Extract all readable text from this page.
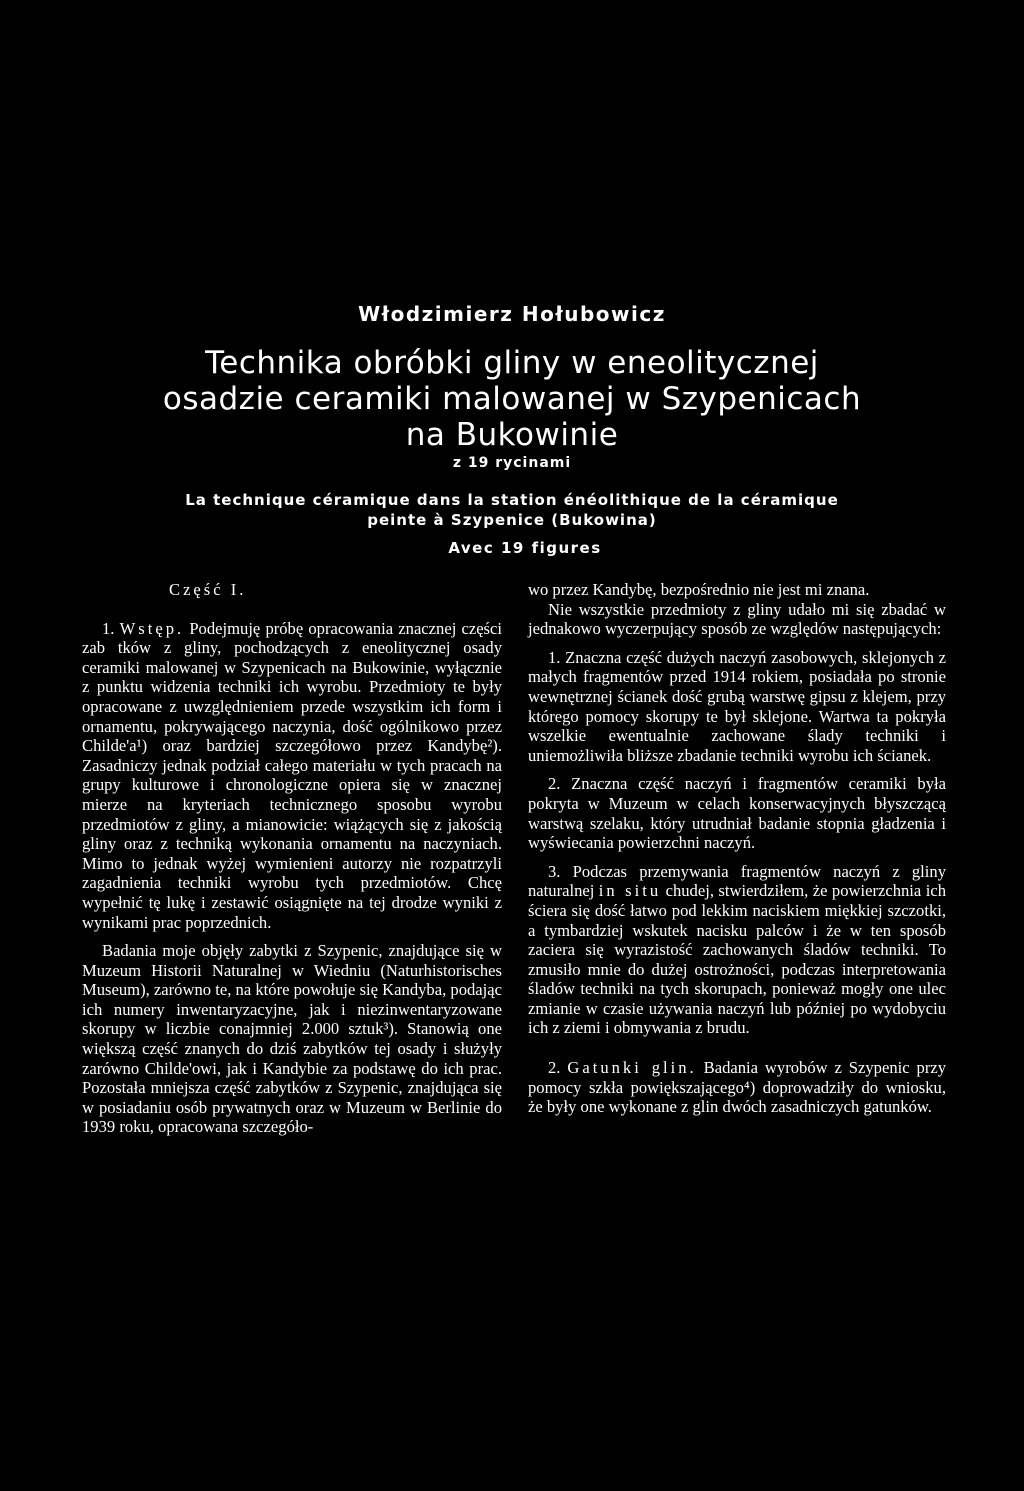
Włodzimierz Hołubowicz
Technika obróbki gliny w eneolitycznej
osadzie ceramiki malowanej w Szypenicach
na Bukowinie
z 19 rycinami
La technique céramique dans la station énéolithique de la céramique
peinte à Szypenice (Bukowina)
Avec 19 figures

Część I.

1. Wstęp. Podejmuję próbę opracowania znacznej części zab tków z gliny, pochodzących z eneolitycznej osady ceramiki malowanej w Szypenicach na Bukowinie, wyłącznie z punktu widzenia techniki ich wyrobu. Przedmioty te były opracowane z uwzględnieniem przede wszystkim ich form i ornamentu, pokrywającego naczynia, dość ogólnikowo przez Childe'a¹) oraz bardziej szczegółowo przez Kandybę²). Zasadniczy jednak podział całego materiału w tych pracach na grupy kulturowe i chronologiczne opiera się w znacznej mierze na kryteriach technicznego sposobu wyrobu przedmiotów z gliny, a mianowicie: wiążących się z jakością gliny oraz z techniką wykonania ornamentu na naczyniach. Mimo to jednak wyżej wymienieni autorzy nie rozpatrzyli zagadnienia techniki wyrobu tych przedmiotów. Chcę wypełnić tę lukę i zestawić osiągnięte na tej drodze wyniki z wynikami prac poprzednich.

Badania moje objęły zabytki z Szypenic, znajdujące się w Muzeum Historii Naturalnej w Wiedniu (Naturhistorisches Museum), zarówno te, na które powołuje się Kandyba, podając ich numery inwentaryzacyjne, jak i niezinwentaryzowane skorupy w liczbie conajmniej 2.000 sztuk³). Stanowią one większą część znanych do dziś zabytków tej osady i służyły zarówno Childe'owi, jak i Kandybie za podstawę do ich prac. Pozostała mniejsza część zabytków z Szypenic, znajdująca się w posiadaniu osób prywatnych oraz w Muzeum w Berlinie do 1939 roku, opracowana szczegóło-

wo przez Kandybę, bezpośrednio nie jest mi znana.

Nie wszystkie przedmioty z gliny udało mi się zbadać w jednakowo wyczerpujący sposób ze względów następujących:

1. Znaczna część dużych naczyń zasobowych, sklejonych z małych fragmentów przed 1914 rokiem, posiadała po stronie wewnętrznej ścianek dość grubą warstwę gipsu z klejem, przy którego pomocy skorupy te był sklejone. Wartwa ta pokryła wszelkie ewentualnie zachowane ślady techniki i uniemożliwiła bliższe zbadanie techniki wyrobu ich ścianek.

2. Znaczna część naczyń i fragmentów ceramiki była pokryta w Muzeum w celach konserwacyjnych błyszczącą warstwą szelaku, który utrudniał badanie stopnia gładzenia i wyświecania powierzchni naczyń.

3. Podczas przemywania fragmentów naczyń z gliny naturalnej in situ chudej, stwierdziłem, że powierzchnia ich ściera się dość łatwo pod lekkim naciskiem miękkiej szczotki, a tymbardziej wskutek nacisku palców i że w ten sposób zaciera się wyrazistość zachowanych śladów techniki. To zmusiło mnie do dużej ostrożności, podczas interpretowania śladów techniki na tych skorupach, ponieważ mogły one ulec zmianie w czasie używania naczyń lub później po wydobyciu ich z ziemi i obmywania z brudu.

2. Gatunki glin. Badania wyrobów z Szypenic przy pomocy szkła powiększającego⁴) doprowadziły do wniosku, że były one wykonane z glin dwóch zasadniczych gatunków.
